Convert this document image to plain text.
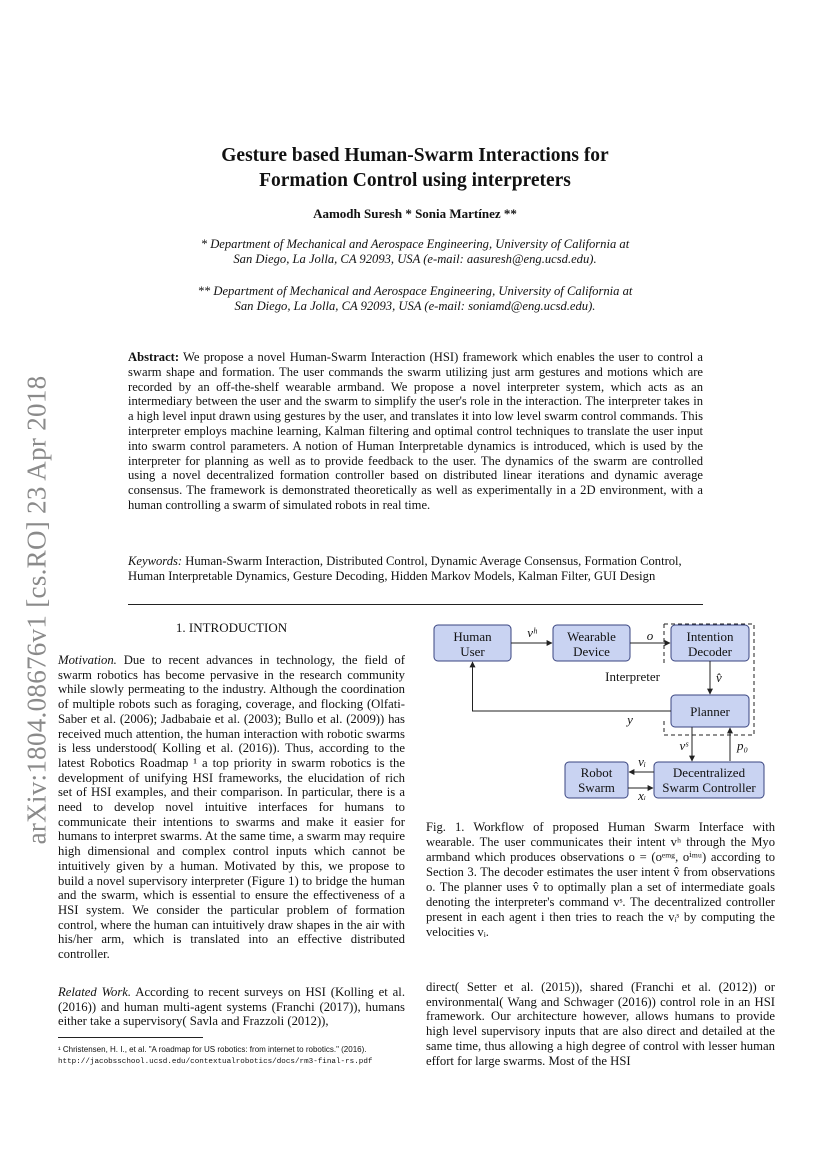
arXiv:1804.08676v1 [cs.RO] 23 Apr 2018
Gesture based Human-Swarm Interactions for
Formation Control using interpreters
Aamodh Suresh * Sonia Martínez **
* Department of Mechanical and Aerospace Engineering, University of California at San Diego, La Jolla, CA 92093, USA (e-mail: aasuresh@eng.ucsd.edu).
** Department of Mechanical and Aerospace Engineering, University of California at San Diego, La Jolla, CA 92093, USA (e-mail: soniamd@eng.ucsd.edu).
Abstract: We propose a novel Human-Swarm Interaction (HSI) framework which enables the user to control a swarm shape and formation. The user commands the swarm utilizing just arm gestures and motions which are recorded by an off-the-shelf wearable armband. We propose a novel interpreter system, which acts as an intermediary between the user and the swarm to simplify the user's role in the interaction. The interpreter takes in a high level input drawn using gestures by the user, and translates it into low level swarm control commands. This interpreter employs machine learning, Kalman filtering and optimal control techniques to translate the user input into swarm control parameters. A notion of Human Interpretable dynamics is introduced, which is used by the interpreter for planning as well as to provide feedback to the user. The dynamics of the swarm are controlled using a novel decentralized formation controller based on distributed linear iterations and dynamic average consensus. The framework is demonstrated theoretically as well as experimentally in a 2D environment, with a human controlling a swarm of simulated robots in real time.
Keywords: Human-Swarm Interaction, Distributed Control, Dynamic Average Consensus, Formation Control, Human Interpretable Dynamics, Gesture Decoding, Hidden Markov Models, Kalman Filter, GUI Design
1. INTRODUCTION
Motivation. Due to recent advances in technology, the field of swarm robotics has become pervasive in the research community while slowly permeating to the industry. Although the coordination of multiple robots such as foraging, coverage, and flocking (Olfati-Saber et al. (2006); Jadbabaie et al. (2003); Bullo et al. (2009)) has received much attention, the human interaction with robotic swarms is less understood( Kolling et al. (2016)). Thus, according to the latest Robotics Roadmap ¹ a top priority in swarm robotics is the development of unifying HSI frameworks, the elucidation of rich set of HSI examples, and their comparison. In particular, there is a need to develop novel intuitive interfaces for humans to communicate their intentions to swarms and make it easier for humans to interpret swarms. At the same time, a swarm may require high dimensional and complex control inputs which cannot be intuitively given by a human. Motivated by this, we propose to build a novel supervisory interpreter (Figure 1) to bridge the human and the swarm, which is essential to ensure the effectiveness of a HSI system. We consider the particular problem of formation control, where the human can intuitively draw shapes in the air with his/her arm, which is translated into an effective distributed controller.
Related Work. According to recent surveys on HSI (Kolling et al. (2016)) and human multi-agent systems (Franchi (2017)), humans either take a supervisory( Savla and Frazzoli (2012)),
¹ Christensen, H. I., et al. "A roadmap for US robotics: from internet to robotics." (2016).
http://jacobsschool.ucsd.edu/contextualrobotics/docs/rm3-final-rs.pdf
Human
User
Wearable
Device
Intention
Decoder
Planner
Robot
Swarm
Decentralized
Swarm Controller
vʰ	o
Interpreter	v̂
y
vˢ	p₀
vᵢ
xᵢ
Fig. 1. Workflow of proposed Human Swarm Interface with wearable. The user communicates their intent vʰ through the Myo armband which produces observations o = (oᵉᵐᵍ, oⁱᵐᵘ) according to Section 3. The decoder estimates the user intent v̂ from observations o. The planner uses v̂ to optimally plan a set of intermediate goals denoting the interpreter's command vˢ. The decentralized controller present in each agent i then tries to reach the vᵢˢ by computing the velocities vᵢ.
direct( Setter et al. (2015)), shared (Franchi et al. (2012)) or environmental( Wang and Schwager (2016)) control role in an HSI framework. Our architecture however, allows humans to provide high level supervisory inputs that are also direct and detailed at the same time, thus allowing a high degree of control with lesser human effort for large swarms. Most of the HSI
